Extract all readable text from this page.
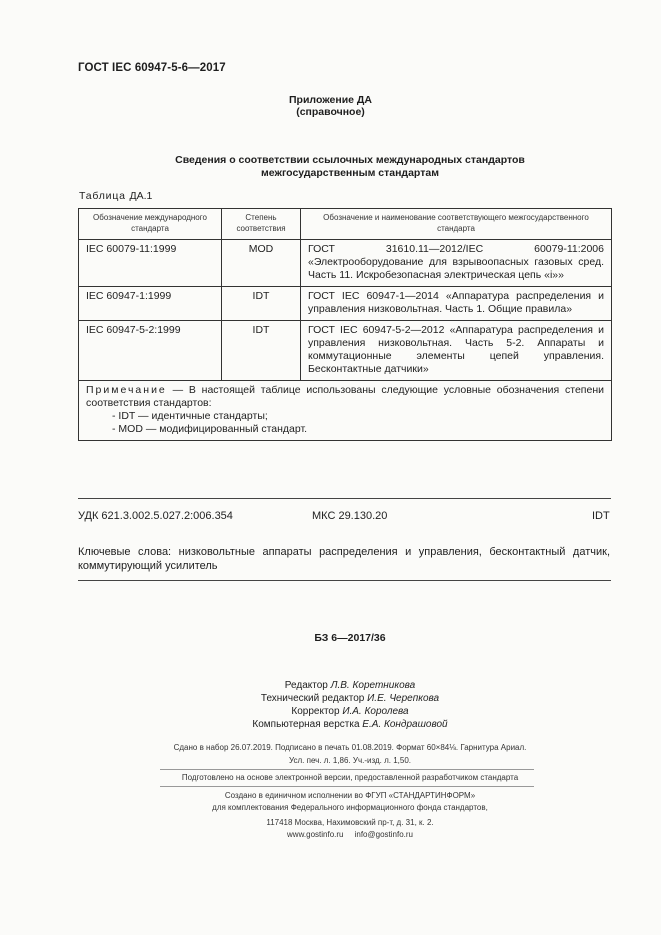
ГОСТ IEC 60947-5-6—2017
Приложение ДА
(справочное)
Сведения о соответствии ссылочных международных стандартов
межгосударственным стандартам
Таблица ДА.1
Обозначение международного стандарта	Степень соответствия	Обозначение и наименование соответствующего межгосударственного стандарта
IEC 60079-11:1999	MOD	ГОСТ 31610.11—2012/IEC 60079-11:2006 «Электрооборудование для взрывоопасных газовых сред. Часть 11. Искробезопасная электрическая цепь «i»»
IEC 60947-1:1999	IDT	ГОСТ IEC 60947-1—2014 «Аппаратура распределения и управления низковольтная. Часть 1. Общие правила»
IEC 60947-5-2:1999	IDT	ГОСТ IEC 60947-5-2—2012 «Аппаратура распределения и управления низковольтная. Часть 5-2. Аппараты и коммутационные элементы цепей управления. Бесконтактные датчики»

Примечание — В настоящей таблице использованы следующие условные обозначения степени соответствия стандартов:
- IDT — идентичные стандарты;
- MOD — модифицированный стандарт.		
УДК 621.3.002.5.027.2:006.354	МКС 29.130.20	IDT
Ключевые слова: низковольтные аппараты распределения и управления, бесконтактный датчик, коммутирующий усилитель
БЗ 6—2017/36
Редактор Л.В. Коретникова
Технический редактор И.Е. Черепкова
Корректор И.А. Королева
Компьютерная верстка Е.А. Кондрашовой
Сдано в набор 26.07.2019. Подписано в печать 01.08.2019. Формат 60×84⅛. Гарнитура Ариал.
Усл. печ. л. 1,86. Уч.-изд. л. 1,50.
Подготовлено на основе электронной версии, предоставленной разработчиком стандарта
Создано в единичном исполнении во ФГУП «СТАНДАРТИНФОРМ»
для комплектования Федерального информационного фонда стандартов,
117418 Москва, Нахимовский пр-т, д. 31, к. 2.
www.gostinfo.ru     info@gostinfo.ru
